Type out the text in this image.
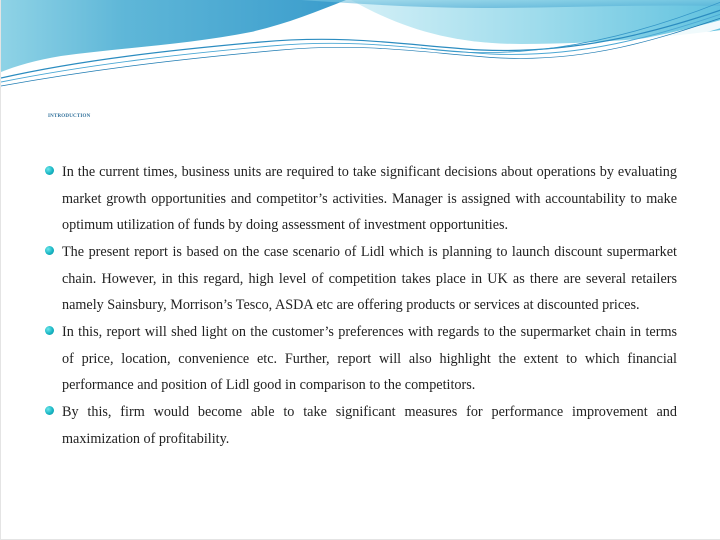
INTRODUCTION
In the current times, business units are required to take significant decisions about operations by evaluating market growth opportunities and competitor’s activities. Manager is assigned with accountability to make optimum utilization of funds by doing assessment of investment opportunities.
The present report is based on the case scenario of Lidl which is planning to launch discount supermarket chain. However, in this regard, high level of competition takes place in UK as there are several retailers namely Sainsbury, Morrison’s Tesco, ASDA etc are offering products or services at discounted prices.
In this, report will shed light on the customer’s preferences with regards to the supermarket chain in terms of price, location, convenience etc. Further, report will also highlight the extent to which financial performance and position of Lidl good in comparison to the competitors.
By this, firm would become able to take significant measures for performance improvement and maximization of profitability.
